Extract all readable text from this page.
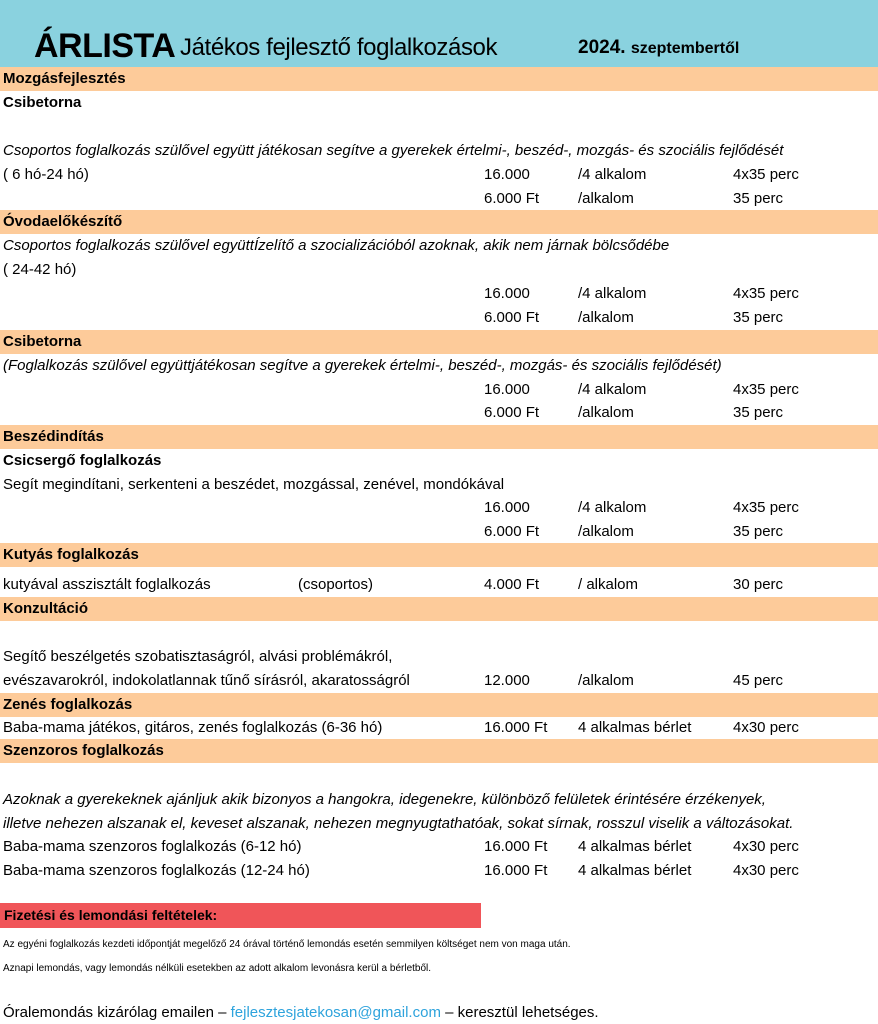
ÁRLISTA Játékos fejlesztő foglalkozások	2024. szeptembertől
Mozgásfejlesztés
Csibetorna
Csoportos foglalkozás szülővel együtt játékosan segítve a gyerekek értelmi-, beszéd-, mozgás- és szociális fejlődését
( 6 hó-24 hó)	16.000	/4 alkalom	4x35 perc
6.000 Ft	/alkalom	35 perc
Óvodaelőkészítő
Csoportos foglalkozás szülővel együttÍzelítő a szocializációból azoknak, akik nem járnak bölcsődébe
( 24-42 hó)
16.000	/4 alkalom	4x35 perc
6.000 Ft	/alkalom	35 perc
Csibetorna
(Foglalkozás szülővel együttjátékosan segítve a gyerekek értelmi-, beszéd-, mozgás- és szociális fejlődését)
16.000	/4 alkalom	4x35 perc
6.000 Ft	/alkalom	35 perc
Beszédindítás
Csicsergő foglalkozás
Segít megindítani, serkenteni a beszédet, mozgással, zenével, mondókával
16.000	/4 alkalom	4x35 perc
6.000 Ft	/alkalom	35 perc
Kutyás foglalkozás
kutyával asszisztált foglalkozás	(csoportos)	4.000 Ft	/ alkalom	30 perc
Konzultáció
Segítő beszélgetés szobatisztaságról, alvási problémákról,
evészavarokról, indokolatlannak tűnő sírásról, akaratosságról	12.000	/alkalom	45 perc
Zenés foglalkozás
Baba-mama játékos, gitáros, zenés foglalkozás (6-36 hó)	16.000 Ft 4 alkalmas bérlet	4x30 perc
Szenzoros foglalkozás
Azoknak a gyerekeknek ajánljuk akik bizonyos a hangokra, idegenekre, különböző felületek érintésére érzékenyek,
illetve nehezen alszanak el, keveset alszanak, nehezen megnyugtathatóak, sokat sírnak, rosszul viselik a változásokat.
Baba-mama szenzoros foglalkozás (6-12 hó)	16.000 Ft 4 alkalmas bérlet	4x30 perc
Baba-mama szenzoros foglalkozás (12-24 hó)	16.000 Ft 4 alkalmas bérlet	4x30 perc
Fizetési és lemondási feltételek:
Az egyéni foglalkozás kezdeti időpontját megelőző 24 órával történő lemondás esetén semmilyen költséget nem von maga után.
Aznapi lemondás, vagy lemondás nélküli esetekben az adott alkalom levonásra kerül a bérletből.
Óralemondás kizárólag emailen – fejlesztesjatekosan@gmail.com – keresztül lehetséges.
